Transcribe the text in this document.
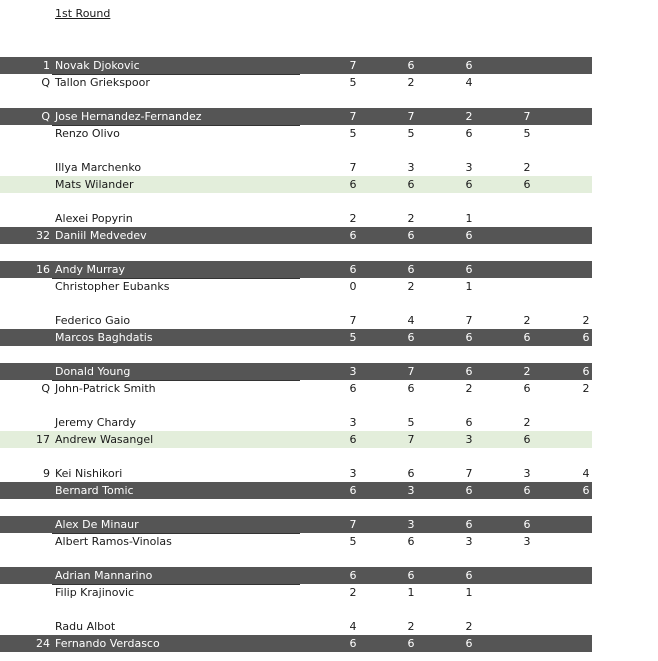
1st Round
1 Novak Djokovic	7	6	6
Q Tallon Griekspoor	5	2	4
Q Jose Hernandez-Fernandez	7	7	2	7
Renzo Olivo	5	5	6	5
Illya Marchenko	7	3	3	2
Mats Wilander	6	6	6	6
Alexei Popyrin	2	2	1
32 Daniil Medvedev	6	6	6
16 Andy Murray	6	6	6
Christopher Eubanks	0	2	1
Federico Gaio	7	4	7	2	2
Marcos Baghdatis	5	6	6	6	6
Donald Young	3	7	6	2	6
Q John-Patrick Smith	6	6	2	6	2
Jeremy Chardy	3	5	6	2
17 Andrew Wasangel	6	7	3	6
9 Kei Nishikori	3	6	7	3	4
Bernard Tomic	6	3	6	6	6
Alex De Minaur	7	3	6	6
Albert Ramos-Vinolas	5	6	3	3
Adrian Mannarino	6	6	6
Filip Krajinovic	2	1	1
Radu Albot	4	2	2
24 Fernando Verdasco	6	6	6
